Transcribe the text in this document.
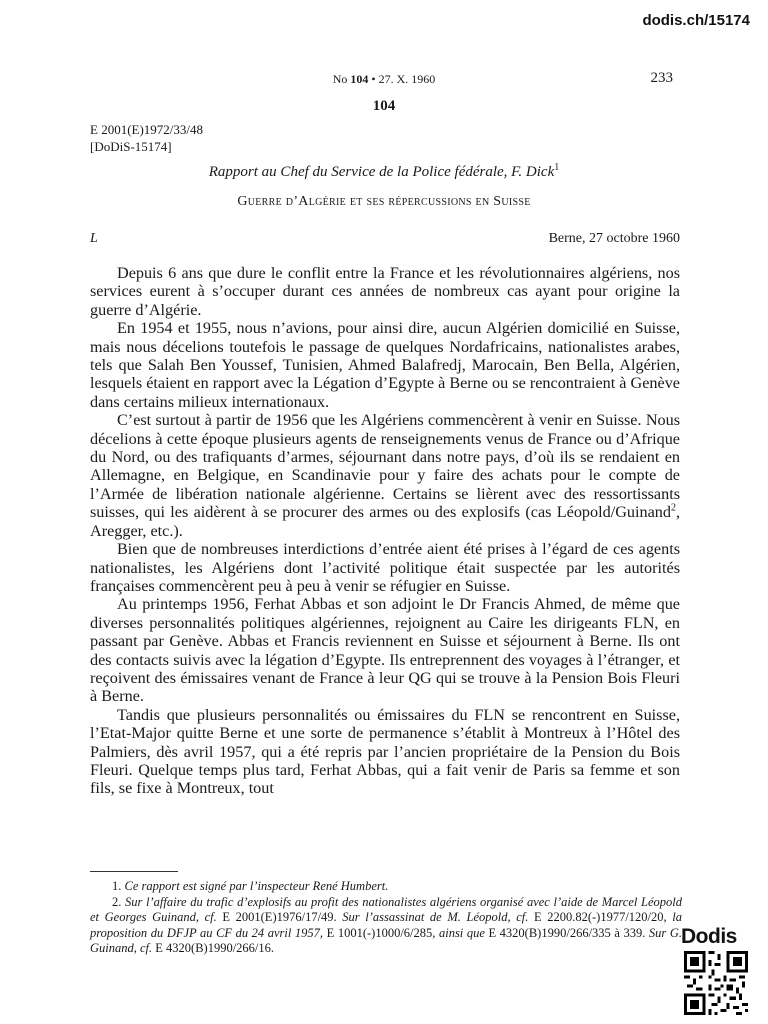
dodis.ch/15174
No 104 • 27. X. 1960	233
104
E 2001(E)1972/33/48
[DoDiS-15174]
Rapport au Chef du Service de la Police fédérale, F. Dick$^1$
Guerre d’Algérie et ses répercussions en Suisse
L	Berne, 27 octobre 1960

Depuis 6 ans que dure le conflit entre la France et les révolutionnaires algériens, nos services eurent à s’occuper durant ces années de nombreux cas ayant pour origine la guerre d’Algérie.

En 1954 et 1955, nous n’avions, pour ainsi dire, aucun Algérien domicilié en Suisse, mais nous décelions toutefois le passage de quelques Nordafricains, nationalistes arabes, tels que Salah Ben Youssef, Tunisien, Ahmed Balafredj, Marocain, Ben Bella, Algérien, lesquels étaient en rapport avec la Légation d’Egypte à Berne ou se rencontraient à Genève dans certains milieux internationaux.

C’est surtout à partir de 1956 que les Algériens commencèrent à venir en Suisse. Nous décelions à cette époque plusieurs agents de renseignements venus de France ou d’Afrique du Nord, ou des trafiquants d’armes, séjournant dans notre pays, d’où ils se rendaient en Allemagne, en Belgique, en Scandinavie pour y faire des achats pour le compte de l’Armée de libération nationale algérienne. Certains se lièrent avec des ressortissants suisses, qui les aidèrent à se procurer des armes ou des explosifs (cas Léopold/Guinand$^2$, Aregger, etc.).

Bien que de nombreuses interdictions d’entrée aient été prises à l’égard de ces agents nationalistes, les Algériens dont l’activité politique était suspectée par les autorités françaises commencèrent peu à peu à venir se réfugier en Suisse.

Au printemps 1956, Ferhat Abbas et son adjoint le Dr Francis Ahmed, de même que diverses personnalités politiques algériennes, rejoignent au Caire les dirigeants FLN, en passant par Genève. Abbas et Francis reviennent en Suisse et séjournent à Berne. Ils ont des contacts suivis avec la légation d’Egypte. Ils entreprennent des voyages à l’étranger, et reçoivent des émissaires venant de France à leur QG qui se trouve à la Pension Bois Fleuri à Berne.

Tandis que plusieurs personnalités ou émissaires du FLN se rencontrent en Suisse, l’Etat-Major quitte Berne et une sorte de permanence s’établit à Montreux à l’Hôtel des Palmiers, dès avril 1957, qui a été repris par l’ancien propriétaire de la Pension du Bois Fleuri. Quelque temps plus tard, Ferhat Abbas, qui a fait venir de Paris sa femme et son fils, se fixe à Montreux, tout

1. Ce rapport est signé par l’inspecteur René Humbert.

2. Sur l’affaire du trafic d’explosifs au profit des nationalistes algériens organisé avec l’aide de Marcel Léopold et Georges Guinand, cf. E 2001(E)1976/17/49. Sur l’assassinat de M. Léopold, cf. E 2200.82(-)1977/120/20, la proposition du DFJP au CF du 24 avril 1957, E 1001(-)1000/6/285, ainsi que E 4320(B)1990/266/335 à 339. Sur G. Guinand, cf. E 4320(B)1990/266/16.	Dodis
